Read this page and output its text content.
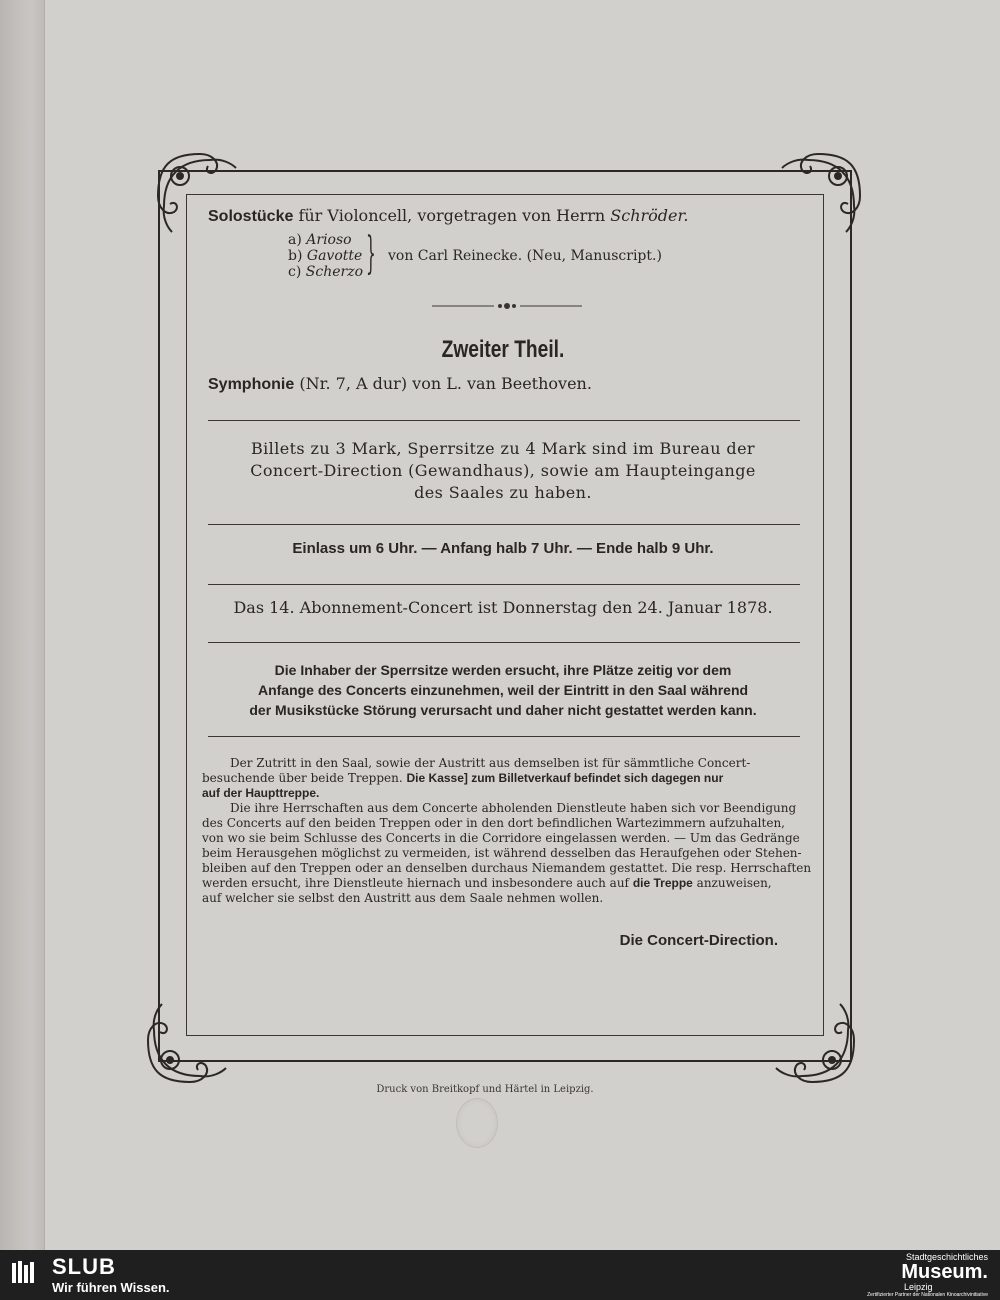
Solostücke für Violoncell, vorgetragen von Herrn Schröder.
a) Arioso
b) Gavotte
c) Scherzo } von Carl Reinecke. (Neu, Manuscript.)
Zweiter Theil.
Symphonie (Nr. 7, A dur) von L. van Beethoven.
Billets zu 3 Mark, Sperrsitze zu 4 Mark sind im Bureau der
Concert-Direction (Gewandhaus), sowie am Haupteingange
des Saales zu haben.
Einlass um 6 Uhr. — Anfang halb 7 Uhr. — Ende halb 9 Uhr.
Das 14. Abonnement-Concert ist Donnerstag den 24. Januar 1878.
Die Inhaber der Sperrsitze werden ersucht, ihre Plätze zeitig vor dem
Anfange des Concerts einzunehmen, weil der Eintritt in den Saal während
der Musikstücke Störung verursacht und daher nicht gestattet werden kann.
Der Zutritt in den Saal, sowie der Austritt aus demselben ist für sämmtliche Concert-
besuchende über beide Treppen. Die Kasse] zum Billetverkauf befindet sich dagegen nur
auf der Haupttreppe.
Die ihre Herrschaften aus dem Concerte abholenden Dienstleute haben sich vor Beendigung
des Concerts auf den beiden Treppen oder in den dort befindlichen Wartezimmern aufzuhalten,
von wo sie beim Schlusse des Concerts in die Corridore eingelassen werden. — Um das Gedränge
beim Herausgehen möglichst zu vermeiden, ist während desselben das Heraufgehen oder Stehen-
bleiben auf den Treppen oder an denselben durchaus Niemandem gestattet. Die resp. Herrschaften
werden ersucht, ihre Dienstleute hiernach und insbesondere auch auf die Treppe anzuweisen,
auf welcher sie selbst den Austritt aus dem Saale nehmen wollen.
Die Concert-Direction.
Druck von Breitkopf und Härtel in Leipzig.
SLUB
Wir führen Wissen.
Stadtgeschichtliches
Museum.
Leipzig
Zertifizierter Partner der Nationalen Kinoarchivinitiative
